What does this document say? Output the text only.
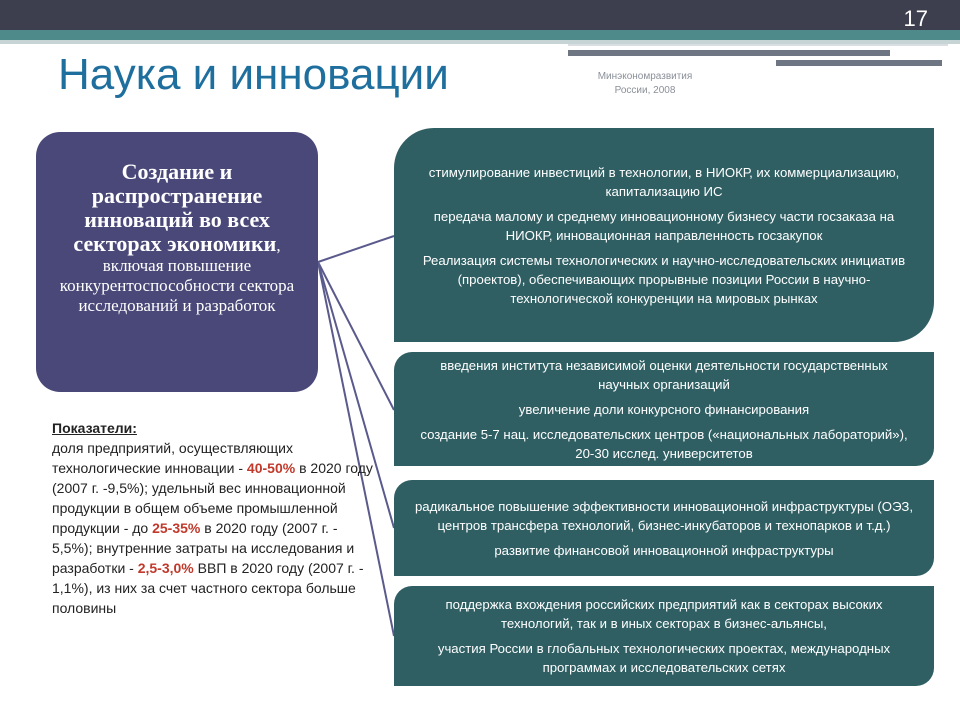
17
Наука и инновации	Минэкономразвития
России, 2008
Создание и распространение инноваций во всех секторах экономики, включая повышение конкурентоспособности сектора исследований и разработок
Показатели:
доля предприятий, осуществляющих технологические инновации - 40-50% в 2020 году (2007 г. -9,5%); удельный вес инновационной продукции в общем объеме промышленной продукции - до 25-35% в 2020 году (2007 г. - 5,5%); внутренние затраты на исследования и разработки - 2,5-3,0% ВВП в 2020 году (2007 г. - 1,1%), из них за счет частного сектора больше половины
стимулирование инвестиций в технологии, в НИОКР, их коммерциализацию, капитализацию ИС
передача малому и среднему инновационному бизнесу части госзаказа на НИОКР, инновационная направленность госзакупок
Реализация системы технологических и научно-исследовательских инициатив (проектов), обеспечивающих прорывные позиции России в научно-технологической конкуренции на мировых рынках
введения института независимой оценки деятельности государственных научных организаций
увеличение доли конкурсного финансирования
создание 5-7 нац. исследовательских центров («национальных лабораторий»), 20-30 исслед. университетов
радикальное повышение эффективности инновационной инфраструктуры (ОЭЗ, центров трансфера технологий, бизнес-инкубаторов и технопарков и т.д.)
развитие финансовой инновационной инфраструктуры
поддержка вхождения российских предприятий как в секторах высоких технологий, так и в иных секторах в бизнес-альянсы,
участия России в глобальных технологических проектах, международных программах и исследовательских сетях
